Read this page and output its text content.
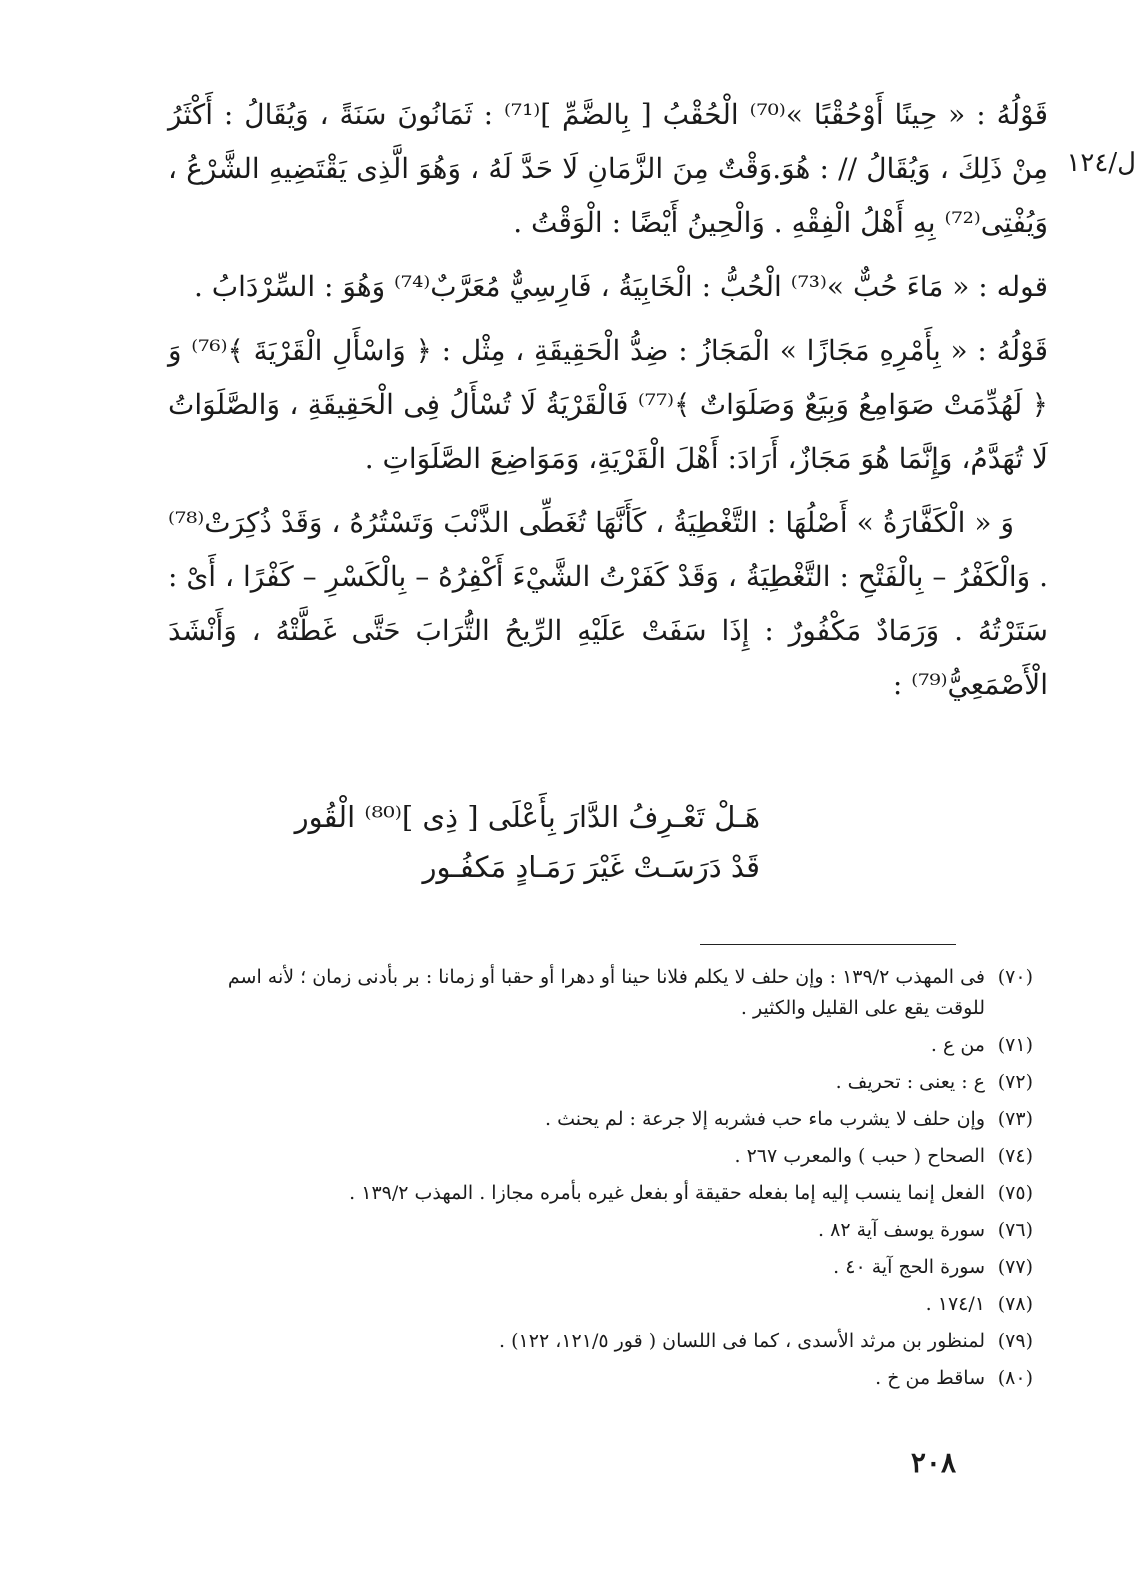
ل/١٢٤

قَوْلُهُ : « حِينًا أَوْحُقْبًا »⁽⁷⁰⁾ الْحُقْبُ [ بِالضَّمِّ ]⁽⁷¹⁾ : ثَمَانُونَ سَنَةً ، وَيُقَالُ : أَكْثَرُ مِنْ ذَلِكَ ، وَيُقَالُ // : هُوَ.وَقْتٌ مِنَ الزَّمَانِ لَا حَدَّ لَهُ ، وَهُوَ الَّذِى يَقْتَضِيهِ الشَّرْعُ ، وَيُفْتِى⁽⁷²⁾ بِهِ أَهْلُ الْفِقْهِ . وَالْحِينُ أَيْضًا : الْوَقْتُ .

قوله : « مَاءَ حُبٌّ »⁽⁷³⁾ الْحُبُّ : الْخَابِيَةُ ، فَارِسِيٌّ مُعَرَّبٌ⁽⁷⁴⁾ وَهُوَ : السِّرْدَابُ .

قَوْلُهُ : « بِأَمْرِهِ مَجَازًا » الْمَجَازُ : ضِدُّ الْحَقِيقَةِ ، مِثْل : ﴿ وَاسْأَلِ الْقَرْيَةَ ﴾⁽⁷⁶⁾ وَ ﴿ لَهُدِّمَتْ صَوَامِعُ وَبِيَعٌ وَصَلَوَاتٌ ﴾⁽⁷⁷⁾ فَالْقَرْيَةُ لَا تُسْأَلُ فِى الْحَقِيقَةِ ، وَالصَّلَوَاتُ لَا تُهَدَّمُ، وَإِنَّمَا هُوَ مَجَازٌ، أَرَادَ: أَهْلَ الْقَرْيَةِ، وَمَوَاضِعَ الصَّلَوَاتِ .

وَ « الْكَفَّارَةُ » أَصْلُهَا : التَّغْطِيَةُ ، كَأَنَّهَا تُغَطِّى الذَّنْبَ وَتَسْتُرُهُ ، وَقَدْ ذُكِرَتْ⁽⁷⁸⁾ . وَالْكَفْرُ – بِالْفَتْحِ : التَّغْطِيَةُ ، وَقَدْ كَفَرْتُ الشَّيْءَ أَكْفِرُهُ – بِالْكَسْرِ – كَفْرًا ، أَىْ : سَتَرْتُهُ . وَرَمَادٌ مَكْفُورٌ : إِذَا سَفَتْ عَلَيْهِ الرِّيحُ التُّرَابَ حَتَّى غَطَّتْهُ ، وَأَنْشَدَ الْأَصْمَعِيُّ⁽⁷⁹⁾ :

هَـلْ تَعْـرِفُ الدَّارَ بِأَعْلَى [ ذِى ]⁽⁸⁰⁾ الْقُور
قَدْ دَرَسَـتْ غَيْرَ رَمَـادٍ مَكفُـور
(٧٠)
فى المهذب ١٣٩/٢ : وإن حلف لا يكلم فلانا حينا أو دهرا أو حقبا أو زمانا : بر بأدنى زمان ؛ لأنه اسم للوقت يقع على القليل والكثير .
(٧١)
من ع .
(٧٢)
ع : يعنى : تحريف .
(٧٣)
وإن حلف لا يشرب ماء حب فشربه إلا جرعة : لم يحنث .
(٧٤)
الصحاح ( حبب ) والمعرب ٢٦٧ .
(٧٥)
الفعل إنما ينسب إليه إما بفعله حقيقة أو بفعل غيره بأمره مجازا . المهذب ١٣٩/٢ .
(٧٦)
سورة يوسف آية ٨٢ .
(٧٧)
سورة الحج آية ٤٠ .
(٧٨)
١٧٤/١ .
(٧٩)
لمنظور بن مرثد الأسدى ، كما فى اللسان ( قور ١٢١/٥، ١٢٢) .
(٨٠)
ساقط من خ .
٢٠٨
